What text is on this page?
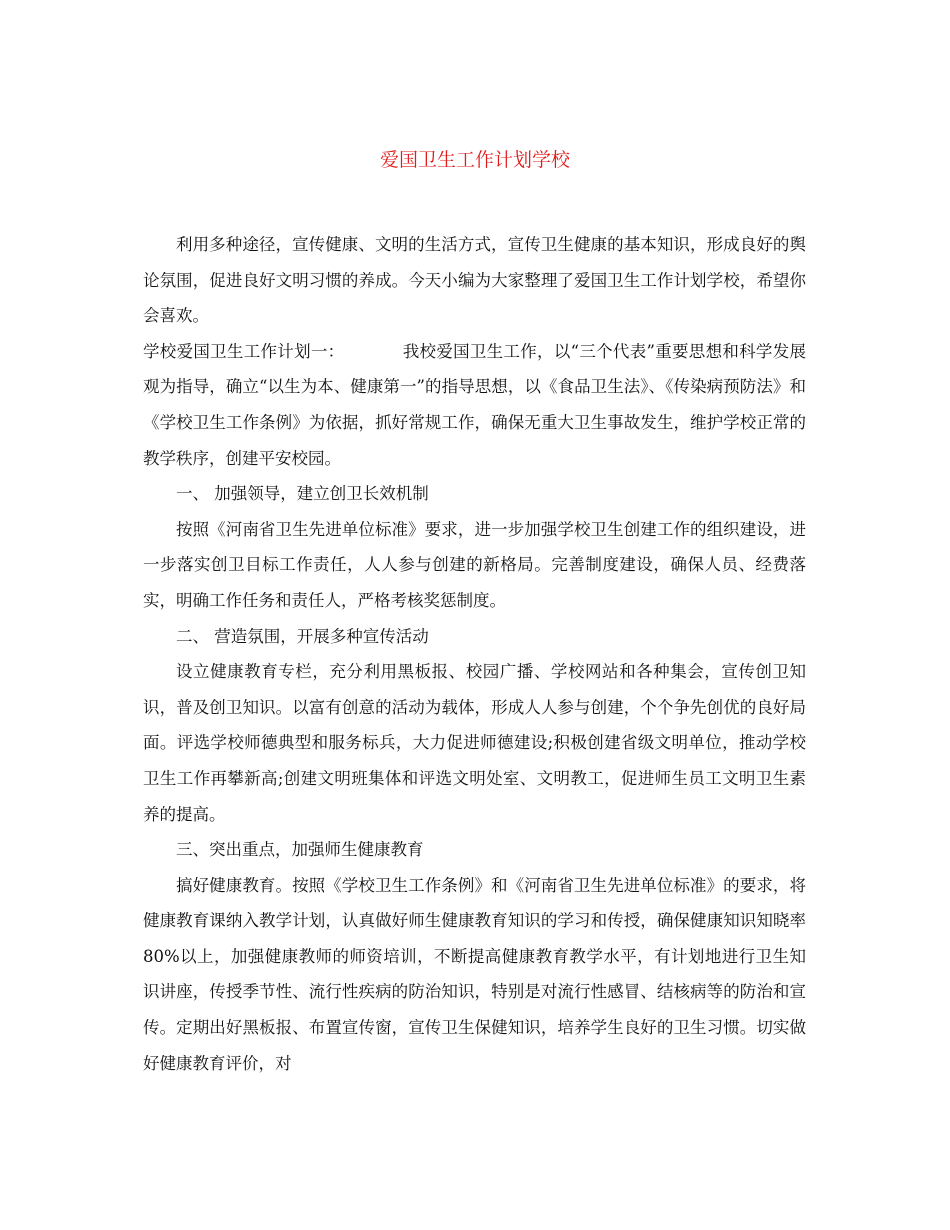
爱国卫生工作计划学校

利用多种途径，宣传健康、文明的生活方式，宣传卫生健康的基本知识，形成良好的舆论氛围，促进良好文明习惯的养成。今天小编为大家整理了爱国卫生工作计划学校，希望你会喜欢。

学校爱国卫生工作计划一：	我校爱国卫生工作，以“三个代表”重要思想和科学发展观为指导，确立“以生为本、健康第一”的指导思想，以《食品卫生法》、《传染病预防法》和《学校卫生工作条例》为依据，抓好常规工作，确保无重大卫生事故发生，维护学校正常的教学秩序，创建平安校园。

一、 加强领导，建立创卫长效机制

按照《河南省卫生先进单位标准》要求，进一步加强学校卫生创建工作的组织建设，进一步落实创卫目标工作责任，人人参与创建的新格局。完善制度建设，确保人员、经费落实，明确工作任务和责任人，严格考核奖惩制度。

二、 营造氛围，开展多种宣传活动

设立健康教育专栏，充分利用黑板报、校园广播、学校网站和各种集会，宣传创卫知识，普及创卫知识。以富有创意的活动为载体，形成人人参与创建，个个争先创优的良好局面。评选学校师德典型和服务标兵，大力促进师德建设;积极创建省级文明单位，推动学校卫生工作再攀新高;创建文明班集体和评选文明处室、文明教工，促进师生员工文明卫生素养的提高。

三、突出重点，加强师生健康教育

搞好健康教育。按照《学校卫生工作条例》和《河南省卫生先进单位标准》的要求，将健康教育课纳入教学计划，认真做好师生健康教育知识的学习和传授，确保健康知识知晓率80%以上，加强健康教师的师资培训，不断提高健康教育教学水平，有计划地进行卫生知识讲座，传授季节性、流行性疾病的防治知识，特别是对流行性感冒、结核病等的防治和宣传。定期出好黑板报、布置宣传窗，宣传卫生保健知识，培养学生良好的卫生习惯。切实做好健康教育评价，对
